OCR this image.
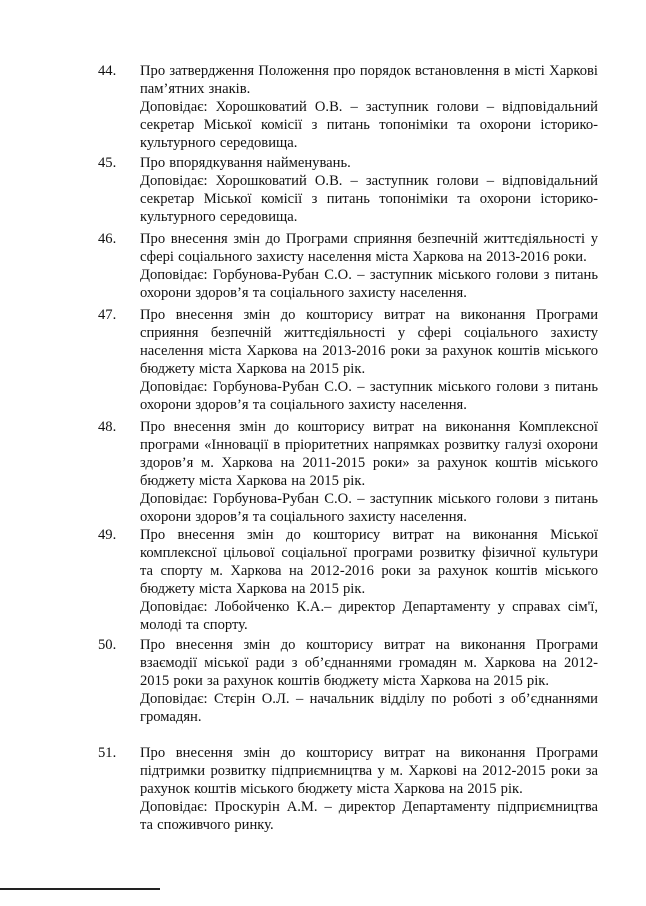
44.	Про затвердження Положення про порядок встановлення в місті Харкові пам’ятних знаків.

Доповідає: Хорошковатий О.В. – заступник голови – відповідальний секретар Міської комісії з питань топоніміки та охорони історико-культурного середовища.

45.	Про впорядкування найменувань.

Доповідає: Хорошковатий О.В. – заступник голови – відповідальний секретар Міської комісії з питань топоніміки та охорони історико-культурного середовища.

46.	Про внесення змін до Програми сприяння безпечній життєдіяльності у сфері соціального захисту населення міста Харкова на 2013-2016 роки.

Доповідає: Горбунова-Рубан С.О. – заступник міського голови з питань охорони здоров’я та соціального захисту населення.

47.	Про внесення змін до кошторису витрат на виконання Програми сприяння безпечній життєдіяльності у сфері соціального захисту населення міста Харкова на 2013-2016 роки за рахунок коштів міського бюджету міста Харкова на 2015 рік.

Доповідає: Горбунова-Рубан С.О. – заступник міського голови з питань охорони здоров’я та соціального захисту населення.

48.	Про внесення змін до кошторису витрат на виконання Комплексної програми «Інновації в пріоритетних напрямках розвитку галузі охорони здоров’я м. Харкова на 2011-2015 роки» за рахунок коштів міського бюджету міста Харкова на 2015 рік.

Доповідає: Горбунова-Рубан С.О. – заступник міського голови з питань охорони здоров’я та соціального захисту населення.

49.	Про внесення змін до кошторису витрат на виконання Міської комплексної цільової соціальної програми розвитку фізичної культури та спорту м. Харкова на 2012-2016 роки за рахунок коштів міського бюджету міста Харкова на 2015 рік.

Доповідає: Лобойченко К.А.– директор Департаменту у справах сім'ї, молоді та спорту.

50.	Про внесення змін до кошторису витрат на виконання Програми взаємодії міської ради з об’єднаннями громадян м. Харкова на 2012-2015 роки за рахунок коштів бюджету міста Харкова на 2015 рік.

Доповідає: Стєрін О.Л. – начальник відділу по роботі з об’єднаннями громадян.

51.	Про внесення змін до кошторису витрат на виконання Програми підтримки розвитку підприємництва у м. Харкові на 2012-2015 роки за рахунок коштів міського бюджету міста Харкова на 2015 рік.

Доповідає: Проскурін А.М. – директор Департаменту підприємництва та споживчого ринку.
